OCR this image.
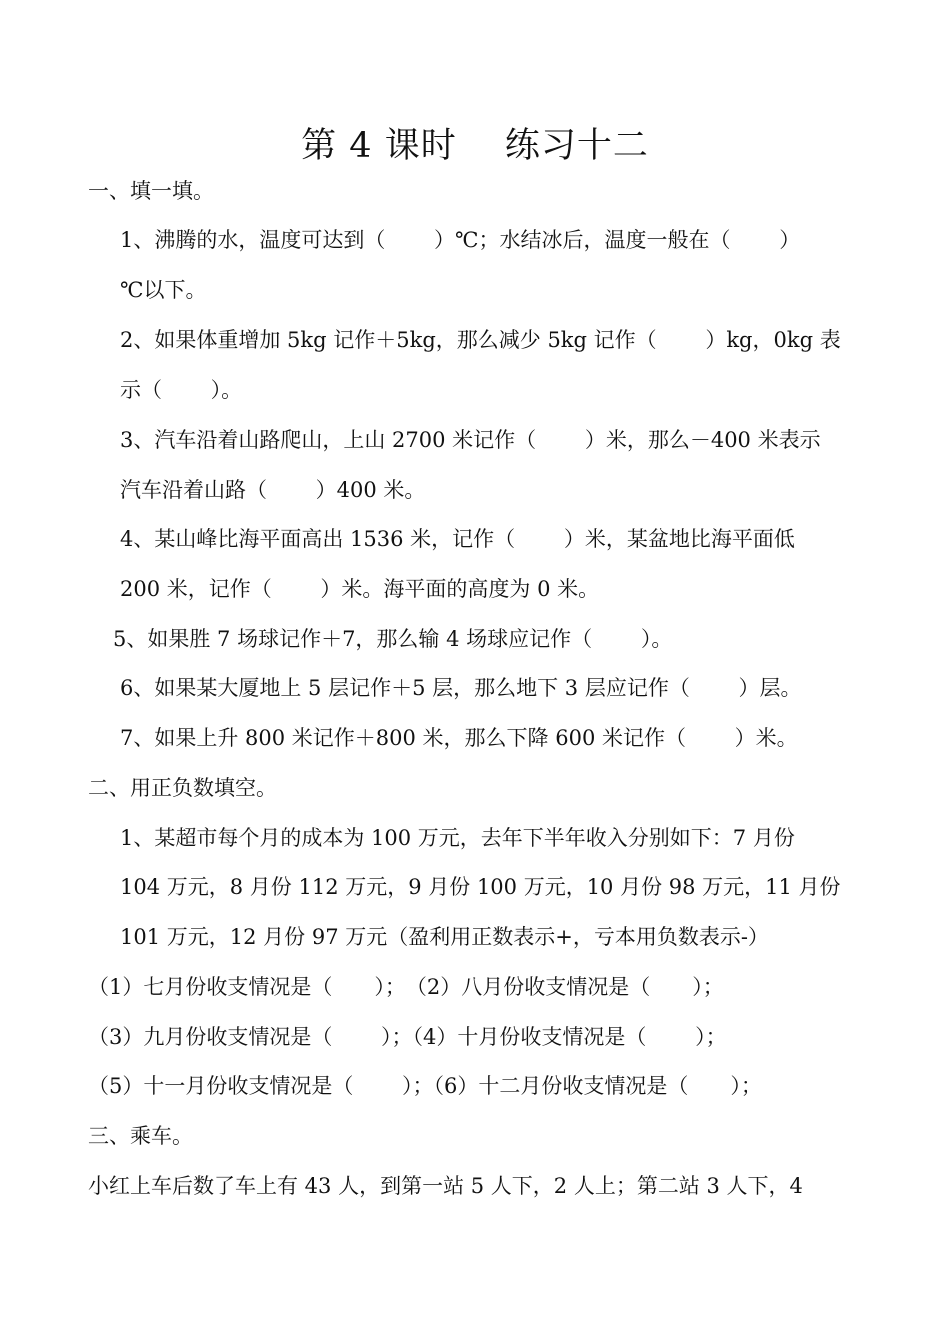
第 4 课时　 练习十二
一、填一填。
1、沸腾的水，温度可达到（　　 ）℃；水结冰后，温度一般在（　　 ）
℃以下。
2、如果体重增加 5kg 记作＋5kg，那么减少 5kg 记作（　　 ）kg，0kg 表
示（　　 ）。
3、汽车沿着山路爬山，上山 2700 米记作（　　 ）米，那么－400 米表示
汽车沿着山路（　　 ）400 米。
4、某山峰比海平面高出 1536 米，记作（　　 ）米，某盆地比海平面低
200 米，记作（　　 ）米。海平面的高度为 0 米。
5、如果胜 7 场球记作＋7，那么输 4 场球应记作（　　 ）。
6、如果某大厦地上 5 层记作＋5 层，那么地下 3 层应记作（　　 ）层。
7、如果上升 800 米记作＋800 米，那么下降 600 米记作（　　 ）米。
二、用正负数填空。
1、某超市每个月的成本为 100 万元，去年下半年收入分别如下：7 月份
104 万元，8 月份 112 万元，9 月份 100 万元，10 月份 98 万元，11 月份
101 万元，12 月份 97 万元（盈利用正数表示+，亏本用负数表示-）
（1）七月份收支情况是（　　）；　（2）八月份收支情况是（　　）；
（3）九月份收支情况是（　　 ）；（4）十月份收支情况是（　　 ）；
（5）十一月份收支情况是（　　 ）；（6）十二月份收支情况是（　　）；
三、乘车。
小红上车后数了车上有 43 人，到第一站 5 人下，2 人上；第二站 3 人下，4
